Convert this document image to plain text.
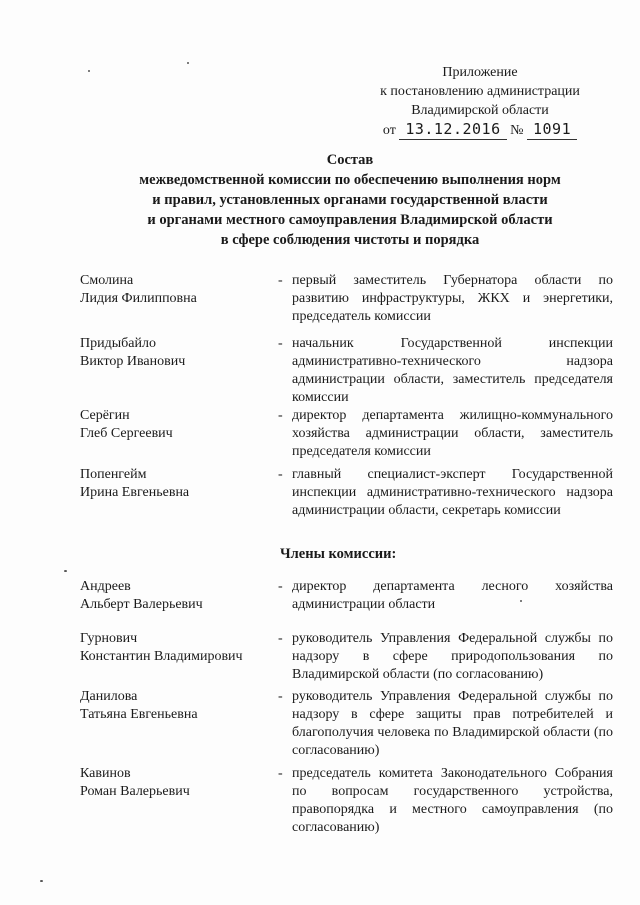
Приложение
к постановлению администрации
Владимирской области
от 13.12.2016 № 1091
Состав
межведомственной комиссии по обеспечению выполнения норм
и правил, установленных органами государственной власти
и органами местного самоуправления Владимирской области
в сфере соблюдения чистоты и порядка
Смолина
Лидия Филипповна
- первый заместитель Губернатора области по развитию инфраструктуры, ЖКХ и энергетики, председатель комиссии
Придыбайло
Виктор Иванович
- начальник Государственной инспекции административно-технического надзора администрации области, заместитель председателя комиссии
Серёгин
Глеб Сергеевич
- директор департамента жилищно-коммунального хозяйства администрации области, заместитель председателя комиссии
Попенгейм
Ирина Евгеньевна
- главный специалист-эксперт Государственной инспекции административно-технического надзора администрации области, секретарь комиссии
Члены комиссии:
Андреев
Альберт Валерьевич
- директор департамента лесного хозяйства администрации области
Гурнович
Константин Владимирович
- руководитель Управления Федеральной службы по надзору в сфере природопользования по Владимирской области (по согласованию)
Данилова
Татьяна Евгеньевна
- руководитель Управления Федеральной службы по надзору в сфере защиты прав потребителей и благополучия человека по Владимирской области (по согласованию)
Кавинов
Роман Валерьевич
- председатель комитета Законодательного Собрания по вопросам государственного устройства, правопорядка и местного самоуправления (по согласованию)
